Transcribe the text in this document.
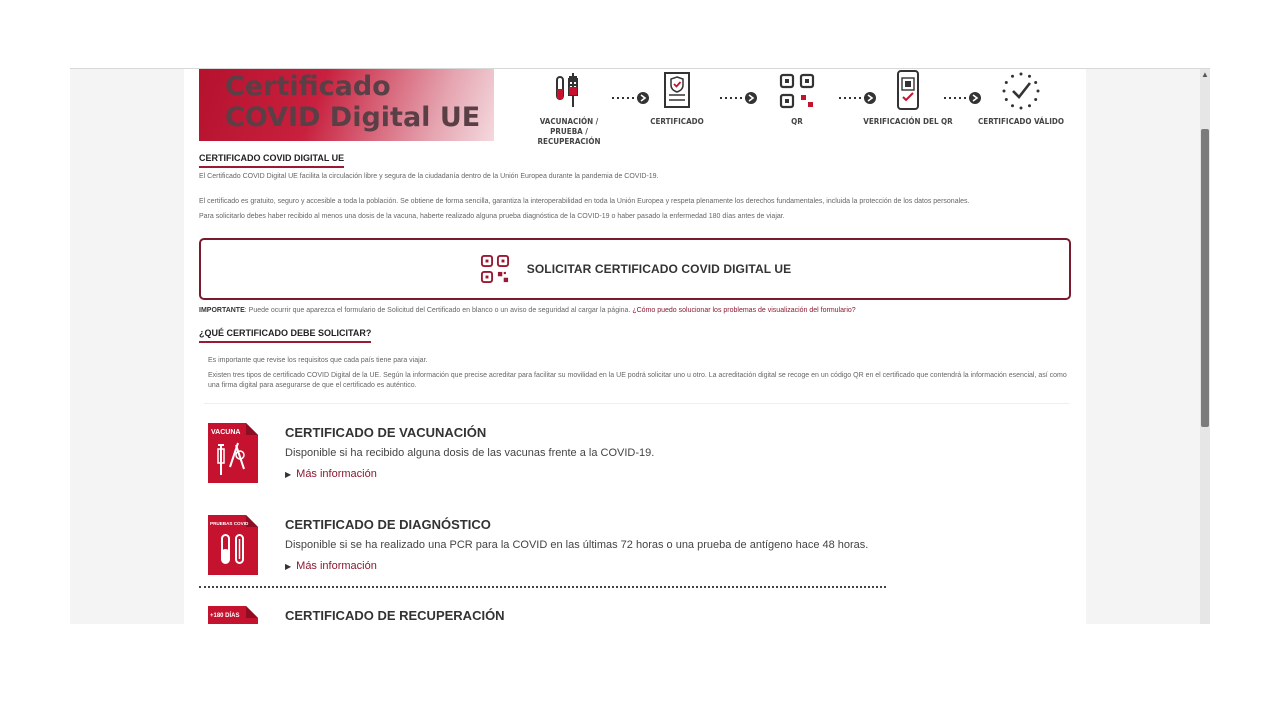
Certificado COVID Digital UE	VACUNACIÓN / PRUEBA / RECUPERACIÓN
CERTIFICADO	QR	VERIFICACIÓN DEL QR	CERTIFICADO VÁLIDO
CERTIFICADO COVID DIGITAL UE
El Certificado COVID Digital UE facilita la circulación libre y segura de la ciudadanía dentro de la Unión Europea durante la pandemia de COVID-19.
El certificado es gratuito, seguro y accesible a toda la población. Se obtiene de forma sencilla, garantiza la interoperabilidad en toda la Unión Europea y respeta plenamente los derechos fundamentales, incluida la protección de los datos personales.
Para solicitarlo debes haber recibido al menos una dosis de la vacuna, haberte realizado alguna prueba diagnóstica de la COVID-19 o haber pasado la enfermedad 180 días antes de viajar.
SOLICITAR CERTIFICADO COVID DIGITAL UE
IMPORTANTE: Puede ocurrir que aparezca el formulario de Solicitud del Certificado en blanco o un aviso de seguridad al cargar la página. ¿Cómo puedo solucionar los problemas de visualización del formulario?
¿QUÉ CERTIFICADO DEBE SOLICITAR?
Es importante que revise los requisitos que cada país tiene para viajar.
Existen tres tipos de certificado COVID Digital de la UE. Según la información que precise acreditar para facilitar su movilidad en la UE podrá solicitar uno u otro. La acreditación digital se recoge en un código QR en el certificado que contendrá la información esencial, así como una firma digital para asegurarse de que el certificado es auténtico.
VACUNA	CERTIFICADO DE VACUNACIÓN
Disponible si ha recibido alguna dosis de las vacunas frente a la COVID-19.
▶ Más información
PRUEBAS COVID	CERTIFICADO DE DIAGNÓSTICO
Disponible si se ha realizado una PCR para la COVID en las últimas 72 horas o una prueba de antígeno hace 48 horas.
▶ Más información
+180 DÍAS	CERTIFICADO DE RECUPERACIÓN
▲
